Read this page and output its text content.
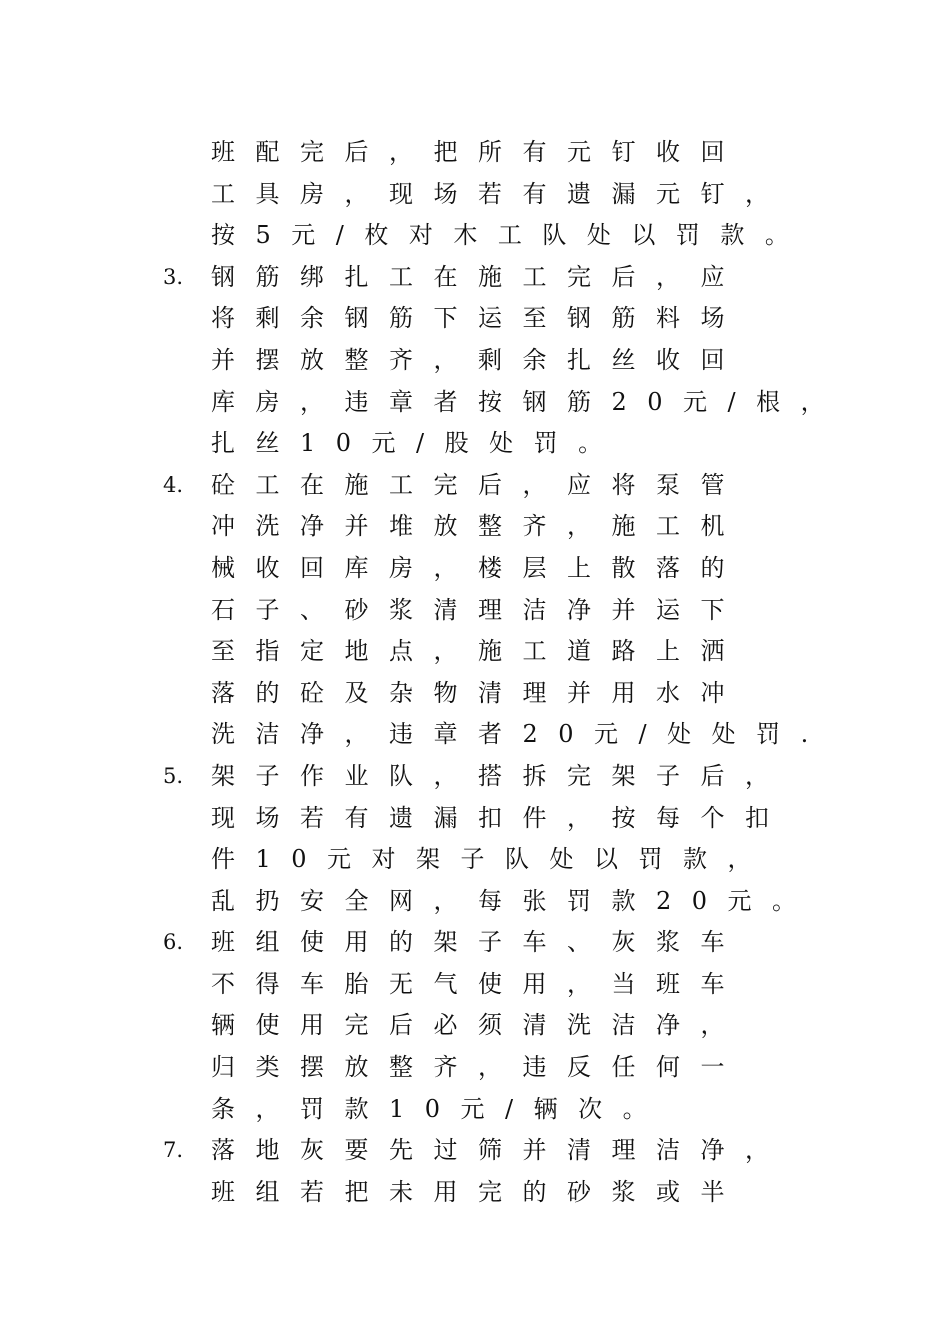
班配完后，把所有元钉收回
工具房，现场若有遗漏元钉，
按5元/枚对木工队处以罚款。
3.	钢筋绑扎工在施工完后，应
将剩余钢筋下运至钢筋料场
并摆放整齐，剩余扎丝收回
库房，违章者按钢筋20元/根，
扎丝10元/股处罚。
4.	砼工在施工完后，应将泵管
冲洗净并堆放整齐，施工机
械收回库房，楼层上散落的
石子、砂浆清理洁净并运下
至指定地点，施工道路上洒
落的砼及杂物清理并用水冲
洗洁净，违章者20元/处处罚.
5.	架子作业队，搭拆完架子后，
现场若有遗漏扣件，按每个扣
件10元对架子队处以罚款，
乱扔安全网，每张罚款20元。
6.	班组使用的架子车、灰浆车
不得车胎无气使用，当班车
辆使用完后必须清洗洁净，
归类摆放整齐，违反任何一
条，罚款10元/辆次。
7.	落地灰要先过筛并清理洁净，
班组若把未用完的砂浆或半
